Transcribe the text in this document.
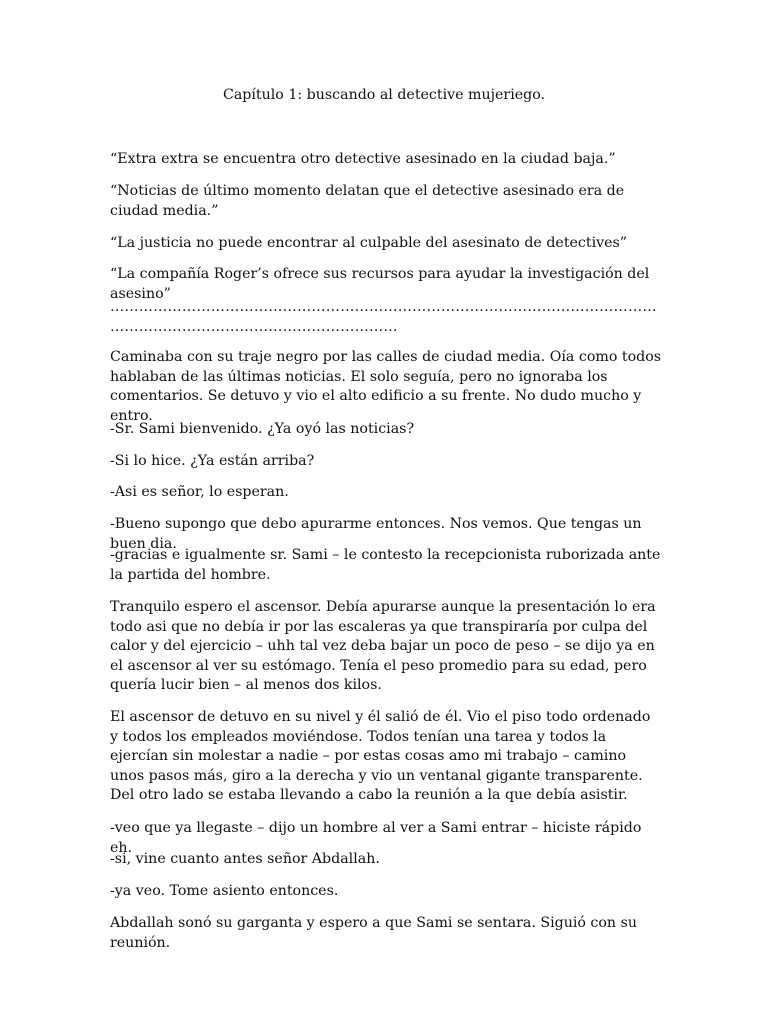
Capítulo 1: buscando al detective mujeriego.

“Extra extra se encuentra otro detective asesinado en la ciudad baja.”

“Noticias de último momento delatan que el detective asesinado era de ciudad media.”

“La justicia no puede encontrar al culpable del asesinato de detectives”

“La compañía Roger’s ofrece sus recursos para ayudar la investigación del asesino”

…………………………………………………………………………………………………………………………………………………………

Caminaba con su traje negro por las calles de ciudad media. Oía como todos hablaban de las últimas noticias. El solo seguía, pero no ignoraba los comentarios. Se detuvo y vio el alto edificio a su frente. No dudo mucho y entro.

-Sr. Sami bienvenido. ¿Ya oyó las noticias?

-Si lo hice. ¿Ya están arriba?

-Asi es señor, lo esperan.

-Bueno supongo que debo apurarme entonces. Nos vemos. Que tengas un buen dia.

-gracias e igualmente sr. Sami – le contesto la recepcionista ruborizada ante la partida del hombre.

Tranquilo espero el ascensor. Debía apurarse aunque la presentación lo era todo asi que no debía ir por las escaleras ya que transpiraría por culpa del calor y del ejercicio – uhh tal vez deba bajar un poco de peso – se dijo ya en el ascensor al ver su estómago. Tenía el peso promedio para su edad, pero quería lucir bien – al menos dos kilos.

El ascensor de detuvo en su nivel y él salió de él. Vio el piso todo ordenado y todos los empleados moviéndose. Todos tenían una tarea y todos la ejercían sin molestar a nadie – por estas cosas amo mi trabajo – camino unos pasos más, giro a la derecha y vio un ventanal gigante transparente. Del otro lado se estaba llevando a cabo la reunión a la que debía asistir.

-veo que ya llegaste – dijo un hombre al ver a Sami entrar – hiciste rápido eh.

-si, vine cuanto antes señor Abdallah.

-ya veo. Tome asiento entonces.

Abdallah sonó su garganta y espero a que Sami se sentara. Siguió con su reunión.
